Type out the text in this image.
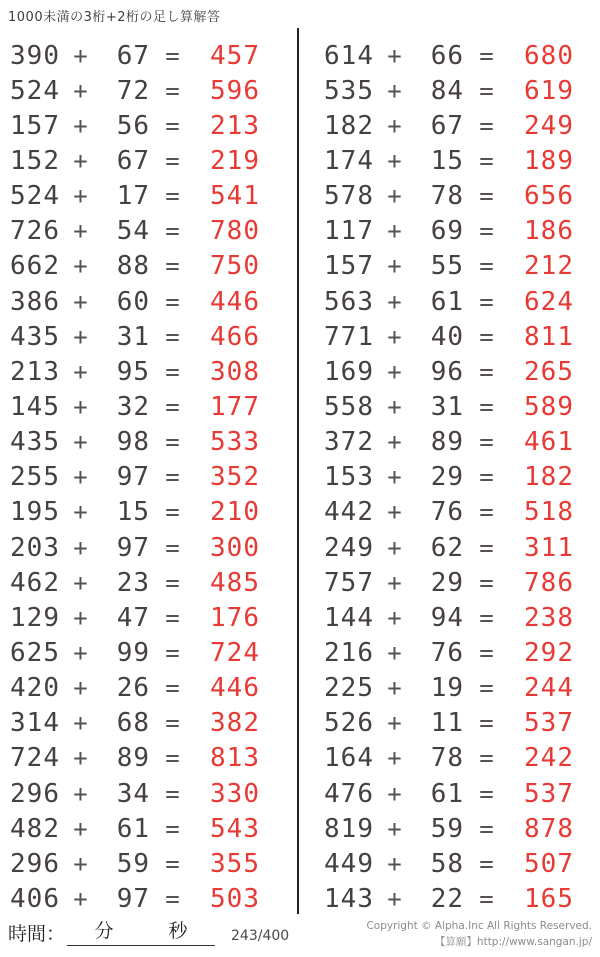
1000未満の3桁+2桁の足し算解答
390 +	67 =	457
524 +	72 =	596
157 +	56 =	213
152 +	67 =	219
524 +	17 =	541
726 +	54 =	780
662 +	88 =	750
386 +	60 =	446
435 +	31 =	466
213 +	95 =	308
145 +	32 =	177
435 +	98 =	533
255 +	97 =	352
195 +	15 =	210
203 +	97 =	300
462 +	23 =	485
129 +	47 =	176
625 +	99 =	724
420 +	26 =	446
314 +	68 =	382
724 +	89 =	813
296 +	34 =	330
482 +	61 =	543
296 +	59 =	355
406 +	97 =	503
614 +	66 =	680
535 +	84 =	619
182 +	67 =	249
174 +	15 =	189
578 +	78 =	656
117 +	69 =	186
157 +	55 =	212
563 +	61 =	624
771 +	40 =	811
169 +	96 =	265
558 +	31 =	589
372 +	89 =	461
153 +	29 =	182
442 +	76 =	518
249 +	62 =	311
757 +	29 =	786
144 +	94 =	238
216 +	76 =	292
225 +	19 =	244
526 +	11 =	537
164 +	78 =	242
476 +	61 =	537
819 +	59 =	878
449 +	58 =	507
143 +	22 =	165
時間： 分	秒	243/400
Copyright © Alpha.Inc All Rights Reserved.
【算願】http://www.sangan.jp/
